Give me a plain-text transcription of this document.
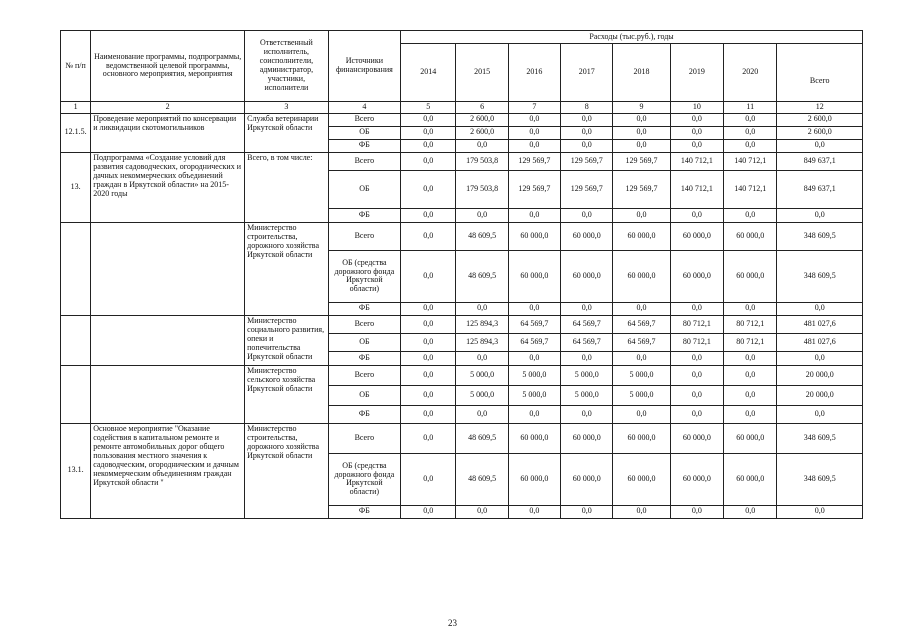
№ п/п	Наименование программы, подпрограммы, ведомственной целевой программы, основного мероприятия, мероприятия	Ответственный исполнитель, соисполнители, администратор, участники, исполнители	Источники финансирования	Расходы (тыс.руб.), годы							
				2014	2015	2016	2017	2018	2019	2020	Всего
1	2	3	4	5	6	7	8	9	10	11	12
12.1.5.	Проведение мероприятий по консервации и ликвидации скотомогильников	Служба ветеринарии Иркутской области	Всего	0,0	2 600,0	0,0	0,0	0,0	0,0	0,0	2 600,0
			ОБ	0,0	2 600,0	0,0	0,0	0,0	0,0	0,0	2 600,0
			ФБ	0,0	0,0	0,0	0,0	0,0	0,0	0,0	0,0
13.	Подпрограмма «Создание условий для развития садоводческих, огороднических и дачных некоммерческих объединений граждан в Иркутской области» на 2015-2020 годы	Всего, в том числе:	Всего	0,0	179 503,8	129 569,7	129 569,7	129 569,7	140 712,1	140 712,1	849 637,1
			ОБ	0,0	179 503,8	129 569,7	129 569,7	129 569,7	140 712,1	140 712,1	849 637,1
			ФБ	0,0	0,0	0,0	0,0	0,0	0,0	0,0	0,0
		Министерство строительства, дорожного хозяйства Иркутской области	Всего	0,0	48 609,5	60 000,0	60 000,0	60 000,0	60 000,0	60 000,0	348 609,5
			ОБ (средства дорожного фонда Иркутской области)	0,0	48 609,5	60 000,0	60 000,0	60 000,0	60 000,0	60 000,0	348 609,5
			ФБ	0,0	0,0	0,0	0,0	0,0	0,0	0,0	0,0
		Министерство социального развития, опеки и попечительства Иркутской области	Всего	0,0	125 894,3	64 569,7	64 569,7	64 569,7	80 712,1	80 712,1	481 027,6
			ОБ	0,0	125 894,3	64 569,7	64 569,7	64 569,7	80 712,1	80 712,1	481 027,6
			ФБ	0,0	0,0	0,0	0,0	0,0	0,0	0,0	0,0
		Министерство сельского хозяйства Иркутской области	Всего	0,0	5 000,0	5 000,0	5 000,0	5 000,0	0,0	0,0	20 000,0
			ОБ	0,0	5 000,0	5 000,0	5 000,0	5 000,0	0,0	0,0	20 000,0
			ФБ	0,0	0,0	0,0	0,0	0,0	0,0	0,0	0,0
13.1.	Основное мероприятие "Оказание содействия в капитальном ремонте и ремонте автомобильных дорог общего пользования местного значения к садоводческим, огородническим и дачным некоммерческим объединениям граждан Иркутской области "	Министерство строительства, дорожного хозяйства Иркутской области	Всего	0,0	48 609,5	60 000,0	60 000,0	60 000,0	60 000,0	60 000,0	348 609,5
			ОБ (средства дорожного фонда Иркутской области)	0,0	48 609,5	60 000,0	60 000,0	60 000,0	60 000,0	60 000,0	348 609,5
			ФБ	0,0	0,0	0,0	0,0	0,0	0,0	0,0	0,0
23
